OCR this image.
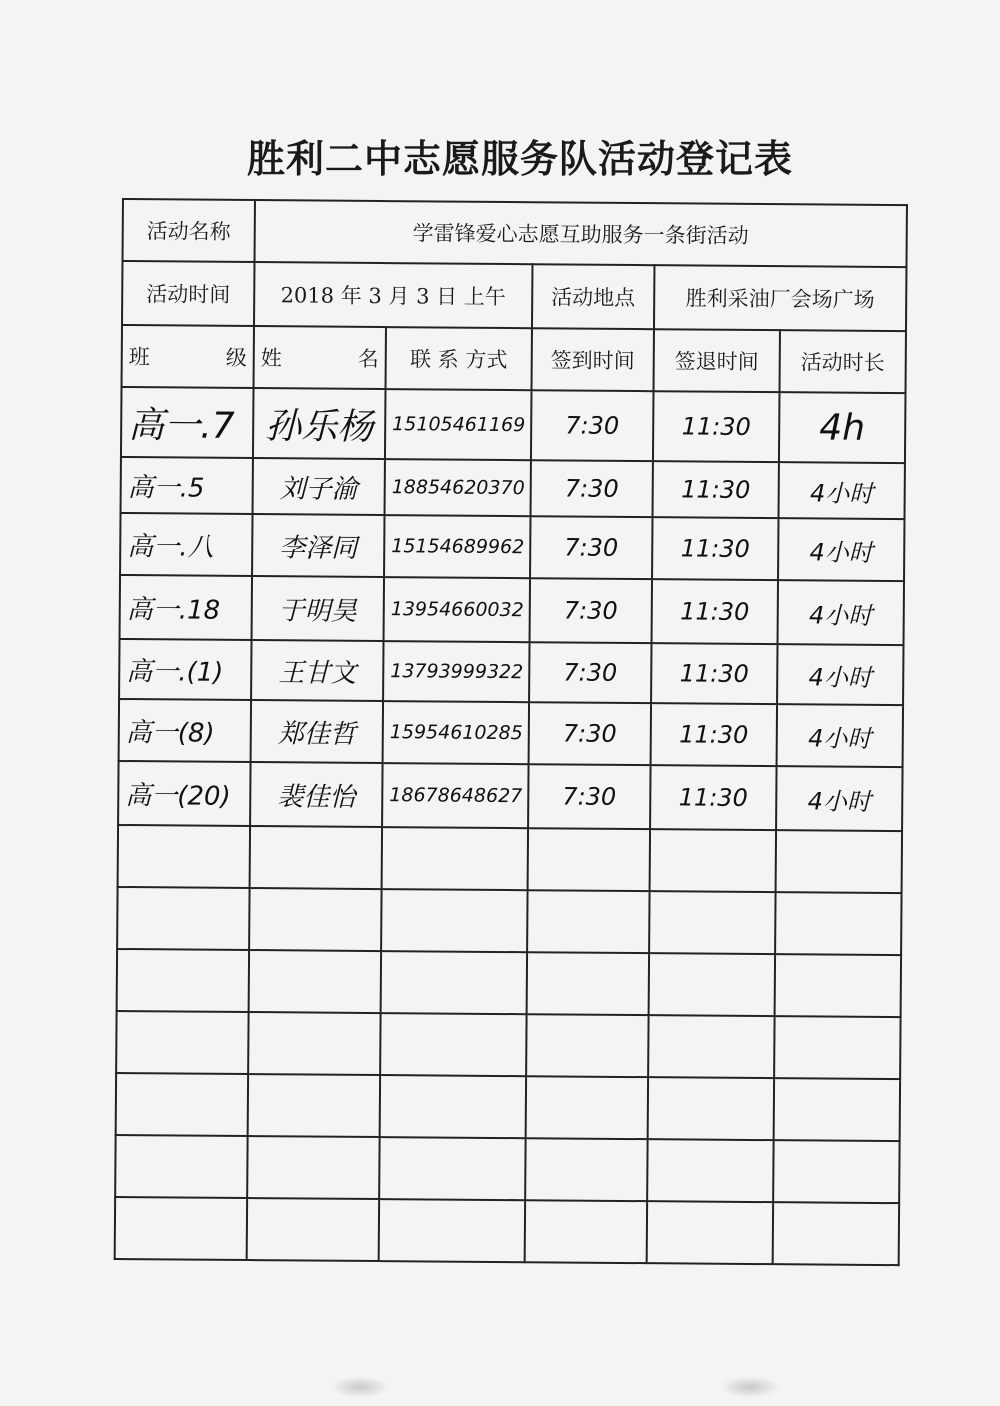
胜利二中志愿服务队活动登记表
活动名称	学雷锋爱心志愿互助服务一条街活动				
活动时间	2018 年 3 月 3 日 上午		活动地点	胜利采油厂会场广场	

班 级	姓 名	联 系 方式	签到时间	签退时间	活动时长
高一.7	孙乐杨	15105461169	7:30	11:30	4h
高一.5	刘子渝	18854620370	7:30	11:30	4小时
高一.八	李泽同	15154689962	7:30	11:30	4小时
高一.18	于明昊	13954660032	7:30	11:30	4小时
高一.(1)	王甘文	13793999322	7:30	11:30	4小时
高一(8)	郑佳哲	15954610285	7:30	11:30	4小时
高一(20)	裴佳怡	18678648627	7:30	11:30	4小时
